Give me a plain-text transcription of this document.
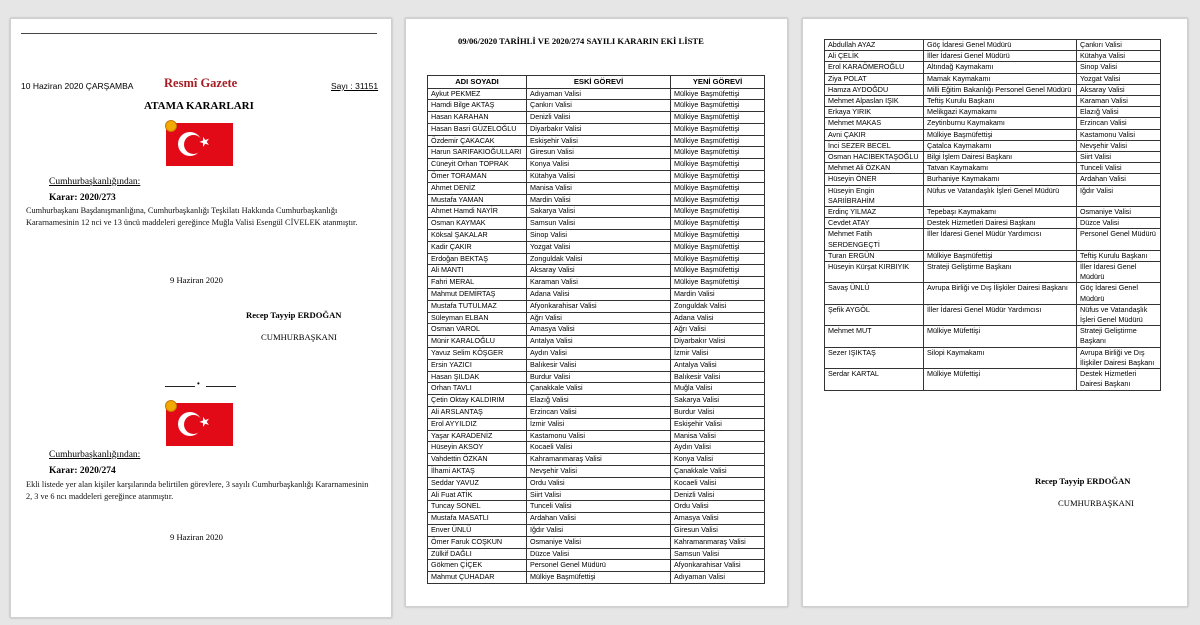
10 Haziran 2020 ÇARŞAMBA Resmî Gazete	Sayı : 31151
ATAMA KARARLARI
★
Cumhurbaşkanlığından:
Karar: 2020/273
Cumhurbaşkanı Başdanışmanlığına, Cumhurbaşkanlığı Teşkilatı Hakkında Cumhurbaşkanlığı Kararnamesinin 12 nci ve 13 üncü maddeleri gereğince Muğla Valisi Esengül CİVELEK atanmıştır.
9 Haziran 2020
Recep Tayyip ERDOĞAN
CUMHURBAŞKANI
•
★
Cumhurbaşkanlığından:
Karar: 2020/274
Ekli listede yer alan kişiler karşılarında belirtilen görevlere, 3 sayılı Cumhurbaşkanlığı Kararnamesinin 2, 3 ve 6 ncı maddeleri gereğince atanmıştır.
9 Haziran 2020
09/06/2020 TARİHLİ VE 2020/274 SAYILI KARARIN EKİ LİSTE
ADI SOYADI	ESKİ GÖREVİ	YENİ GÖREVİ
Aykut PEKMEZ	Adıyaman Valisi	Mülkiye Başmüfettişi
Hamdi Bilge AKTAŞ	Çankırı Valisi	Mülkiye Başmüfettişi
Hasan KARAHAN	Denizli Valisi	Mülkiye Başmüfettişi
Hasan Basri GÜZELOĞLU	Diyarbakır Valisi	Mülkiye Başmüfettişi
Özdemir ÇAKACAK	Eskişehir Valisi	Mülkiye Başmüfettişi
Harun SARIFAKIOĞULLARI	Giresun Valisi	Mülkiye Başmüfettişi
Cüneyit Orhan TOPRAK	Konya Valisi	Mülkiye Başmüfettişi
Ömer TORAMAN	Kütahya Valisi	Mülkiye Başmüfettişi
Ahmet DENİZ	Manisa Valisi	Mülkiye Başmüfettişi
Mustafa YAMAN	Mardin Valisi	Mülkiye Başmüfettişi
Ahmet Hamdi NAYİR	Sakarya Valisi	Mülkiye Başmüfettişi
Osman KAYMAK	Samsun Valisi	Mülkiye Başmüfettişi
Köksal ŞAKALAR	Sinop Valisi	Mülkiye Başmüfettişi
Kadir ÇAKIR	Yozgat Valisi	Mülkiye Başmüfettişi
Erdoğan BEKTAŞ	Zonguldak Valisi	Mülkiye Başmüfettişi
Ali MANTI	Aksaray Valisi	Mülkiye Başmüfettişi
Fahri MERAL	Karaman Valisi	Mülkiye Başmüfettişi
Mahmut DEMİRTAŞ	Adana Valisi	Mardin Valisi
Mustafa TUTULMAZ	Afyonkarahisar Valisi	Zonguldak Valisi
Süleyman ELBAN	Ağrı Valisi	Adana Valisi
Osman VAROL	Amasya Valisi	Ağrı Valisi
Münir KARALOĞLU	Antalya Valisi	Diyarbakır Valisi
Yavuz Selim KÖŞGER	Aydın Valisi	İzmir Valisi
Ersin YAZICI	Balıkesir Valisi	Antalya Valisi
Hasan ŞILDAK	Burdur Valisi	Balıkesir Valisi
Orhan TAVLI	Çanakkale Valisi	Muğla Valisi
Çetin Oktay KALDIRIM	Elazığ Valisi	Sakarya Valisi
Ali ARSLANTAŞ	Erzincan Valisi	Burdur Valisi
Erol AYYILDIZ	İzmir Valisi	Eskişehir Valisi
Yaşar KARADENİZ	Kastamonu Valisi	Manisa Valisi
Hüseyin AKSOY	Kocaeli Valisi	Aydın Valisi
Vahdettin ÖZKAN	Kahramanmaraş Valisi	Konya Valisi
İlhami AKTAŞ	Nevşehir Valisi	Çanakkale Valisi
Seddar YAVUZ	Ordu Valisi	Kocaeli Valisi
Ali Fuat ATİK	Siirt Valisi	Denizli Valisi
Tuncay SONEL	Tunceli Valisi	Ordu Valisi
Mustafa MASATLI	Ardahan Valisi	Amasya Valisi
Enver ÜNLÜ	Iğdır Valisi	Giresun Valisi
Ömer Faruk COŞKUN	Osmaniye Valisi	Kahramanmaraş Valisi
Zülkif DAĞLI	Düzce Valisi	Samsun Valisi
Gökmen ÇİÇEK	Personel Genel Müdürü	Afyonkarahisar Valisi
Mahmut ÇUHADAR	Mülkiye Başmüfettişi	Adıyaman Valisi
Abdullah AYAZ	Göç İdaresi Genel Müdürü	Çankırı Valisi
Ali ÇELİK	İller İdaresi Genel Müdürü	Kütahya Valisi
Erol KARAÖMEROĞLU	Altındağ Kaymakamı	Sinop Valisi
Ziya POLAT	Mamak Kaymakamı	Yozgat Valisi
Hamza AYDOĞDU	Milli Eğitim Bakanlığı Personel Genel Müdürü	Aksaray Valisi
Mehmet Alpaslan IŞIK	Teftiş Kurulu Başkanı	Karaman Valisi
Erkaya YIRIK	Melikgazi Kaymakamı	Elazığ Valisi
Mehmet MAKAS	Zeytinburnu Kaymakamı	Erzincan Valisi
Avni ÇAKIR	Mülkiye Başmüfettişi	Kastamonu Valisi
İnci SEZER BECEL	Çatalca Kaymakamı	Nevşehir Valisi
Osman HACIBEKTAŞOĞLU	Bilgi İşlem Dairesi Başkanı	Siirt Valisi
Mehmet Ali ÖZKAN	Tatvan Kaymakamı	Tunceli Valisi
Hüseyin ÖNER	Burhaniye Kaymakamı	Ardahan Valisi
Hüseyin Engin SARIİBRAHİM	Nüfus ve Vatandaşlık İşleri Genel Müdürü	Iğdır Valisi
Erdinç YILMAZ	Tepebaşı Kaymakamı	Osmaniye Valisi
Cevdet ATAY	Destek Hizmetleri Dairesi Başkanı	Düzce Valisi
Mehmet Fatih SERDENGEÇTİ	İller İdaresi Genel Müdür Yardımcısı	Personel Genel Müdürü
Turan ERGÜN	Mülkiye Başmüfettişi	Teftiş Kurulu Başkanı
Hüseyin Kürşat KIRBIYIK	Strateji Geliştirme Başkanı	İller İdaresi Genel Müdürü
Savaş ÜNLÜ	Avrupa Birliği ve Dış İlişkiler Dairesi Başkanı	Göç İdaresi Genel Müdürü
Şefik AYGÖL	İller İdaresi Genel Müdür Yardımcısı	Nüfus ve Vatandaşlık İşleri Genel Müdürü
Mehmet MUT	Mülkiye Müfettişi	Strateji Geliştirme Başkanı
Sezer IŞIKTAŞ	Silopi Kaymakamı	Avrupa Birliği ve Dış İlişkiler Dairesi Başkanı
Serdar KARTAL	Mülkiye Müfettişi	Destek Hizmetleri Dairesi Başkanı
Recep Tayyip ERDOĞAN
CUMHURBAŞKANI
